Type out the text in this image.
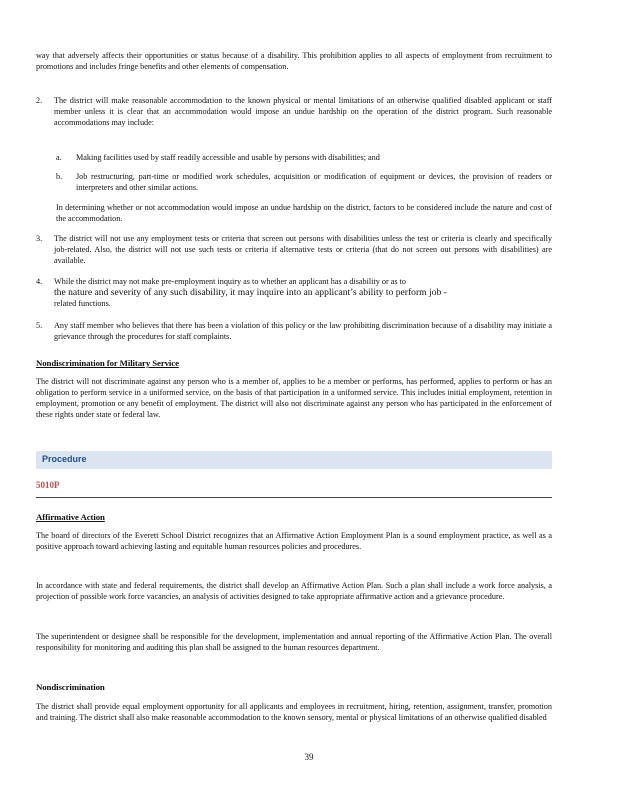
way that adversely affects their opportunities or status because of a disability. This prohibition applies to all aspects of employment from recruitment to promotions and includes fringe benefits and other elements of compensation.
2.	The district will make reasonable accommodation to the known physical or mental limitations of an otherwise qualified disabled applicant or staff member unless it is clear that an accommodation would impose an undue hardship on the operation of the district program. Such reasonable accommodations may include:
a.	Making facilities used by staff readily accessible and usable by persons with disabilities; and
b.	Job restructuring, part-time or modified work schedules, acquisition or modification of equipment or devices, the provision of readers or interpreters and other similar actions.
In determining whether or not accommodation would impose an undue hardship on the district, factors to be considered include the nature and cost of the accommodation.
3.	The district will not use any employment tests or criteria that screen out persons with disabilities unless the test or criteria is clearly and specifically job-related. Also, the district will not use such tests or criteria if alternative tests or criteria (that do not screen out persons with disabilities) are available.
4.	While the district may not make pre-employment inquiry as to whether an applicant has a disability or as to
the nature and severity of any such disability, it may inquire into an applicant’s ability to perform job -
related functions.
5.	Any staff member who believes that there has been a violation of this policy or the law prohibiting discrimination because of a disability may initiate a grievance through the procedures for staff complaints.
Nondiscrimination for Military Service
The district will not discriminate against any person who is a member of, applies to be a member or performs, has performed, applies to perform or has an obligation to perform service in a uniformed service, on the basis of that participation in a uniformed service. This includes initial employment, retention in employment, promotion or any benefit of employment. The district will also not discriminate against any person who has participated in the enforcement of these rights under state or federal law.
Procedure
5010P
Affirmative Action
The board of directors of the Everett School District recognizes that an Affirmative Action Employment Plan is a sound employment practice, as well as a positive approach toward achieving lasting and equitable human resources policies and procedures.
In accordance with state and federal requirements, the district shall develop an Affirmative Action Plan. Such a plan shall include a work force analysis, a projection of possible work force vacancies, an analysis of activities designed to take appropriate affirmative action and a grievance procedure.
The superintendent or designee shall be responsible for the development, implementation and annual reporting of the Affirmative Action Plan. The overall responsibility for monitoring and auditing this plan shall be assigned to the human resources department.
Nondiscrimination
The district shall provide equal employment opportunity for all applicants and employees in recruitment, hiring, retention, assignment, transfer, promotion and training. The district shall also make reasonable accommodation to the known sensory, mental or physical limitations of an otherwise qualified disabled
39
